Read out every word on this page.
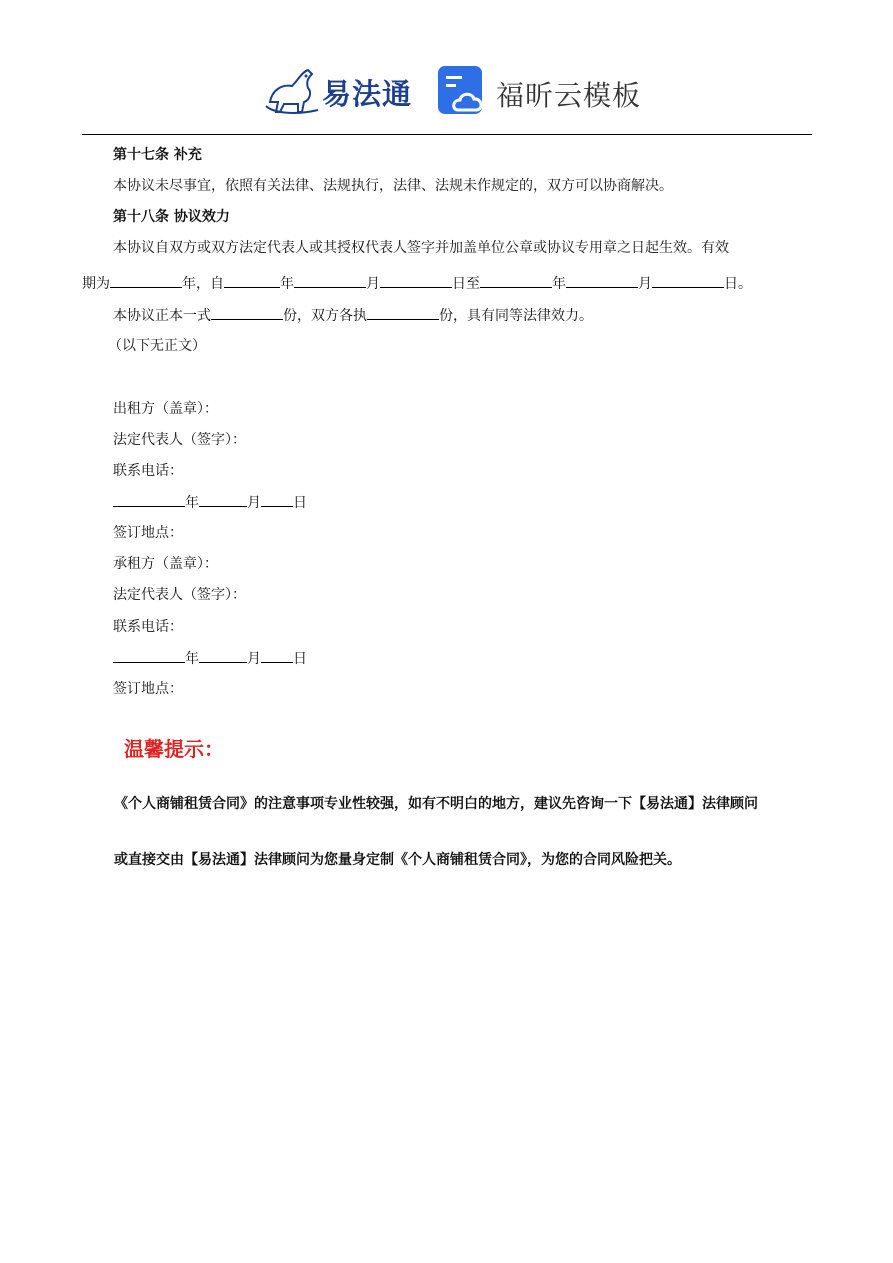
易法通	福昕云模板
第十七条 补充
本协议未尽事宜，依照有关法律、法规执行，法律、法规未作规定的，双方可以协商解决。
第十八条 协议效力
本协议自双方或双方法定代表人或其授权代表人签字并加盖单位公章或协议专用章之日起生效。有效
期为	年，自	年	月	日至	年	月	日。
本协议正本一式	份，双方各执	份，具有同等法律效力。
（以下无正文）
出租方（盖章）：
法定代表人（签字）：
联系电话：
年	月 日
签订地点：
承租方（盖章）：
法定代表人（签字）：
联系电话：
年	月 日
签订地点：
温馨提示：
《个人商铺租赁合同》的注意事项专业性较强，如有不明白的地方，建议先咨询一下【易法通】法律顾问
或直接交由【易法通】法律顾问为您量身定制《个人商铺租赁合同》，为您的合同风险把关。
